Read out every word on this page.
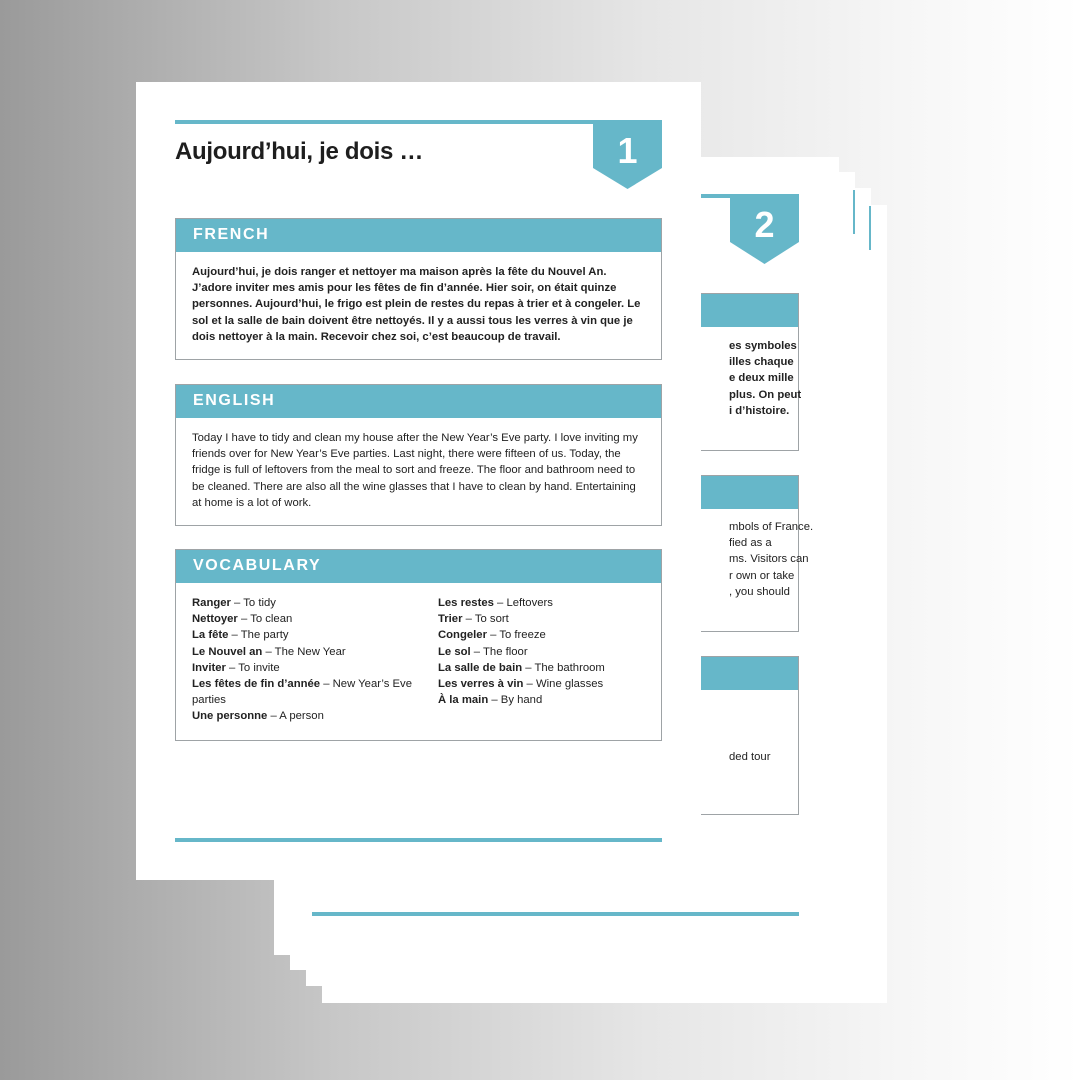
2
es symboles
illes chaque
e deux mille
plus. On peut
i d’histoire.
mbols of France.
fied as a
ms. Visitors can
r own or take
, you should
ded tour
1
Aujourd’hui, je dois …
FRENCH
Aujourd’hui, je dois ranger et nettoyer ma maison après la fête du Nouvel An. J’adore inviter mes amis pour les fêtes de fin d’année. Hier soir, on était quinze personnes. Aujourd’hui, le frigo est plein de restes du repas à trier et à congeler. Le sol et la salle de bain doivent être nettoyés. Il y a aussi tous les verres à vin que je dois nettoyer à la main. Recevoir chez soi, c’est beaucoup de travail.
ENGLISH
Today I have to tidy and clean my house after the New Year’s Eve party. I love inviting my friends over for New Year’s Eve parties. Last night, there were fifteen of us. Today, the fridge is full of leftovers from the meal to sort and freeze. The floor and bathroom need to be cleaned. There are also all the wine glasses that I have to clean by hand. Entertaining at home is a lot of work.
VOCABULARY
Ranger – To tidy
Nettoyer – To clean
La fête – The party
Le Nouvel an – The New Year
Inviter – To invite
Les fêtes de fin d’année – New Year’s Eve parties
Une personne – A person
Les restes – Leftovers
Trier – To sort
Congeler – To freeze
Le sol – The floor
La salle de bain – The bathroom
Les verres à vin – Wine glasses
À la main – By hand
